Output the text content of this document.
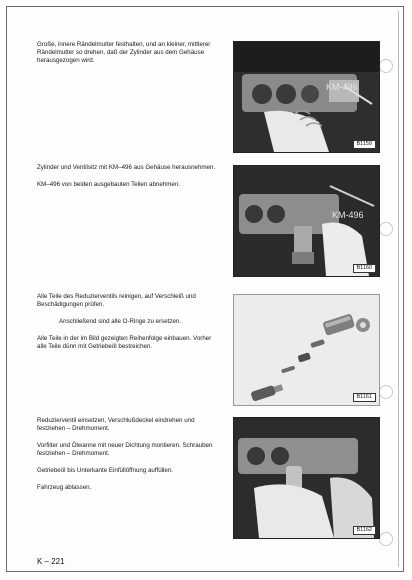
Große, innere Rändelmutter festhalten, und an kleiner, mittlerer Rändelmutter so drehen, daß der Zylinder aus dem Gehäuse herausgezogen wird.

KM-496
B1159

Zylinder und Ventilsitz mit KM–496 aus Gehäuse herausnehmen.

KM–496 von beiden ausgebauten Teilen abnehmen.

KM-496
B1160

Alle Teile des Reduzierventils reinigen, auf Verschleiß und Beschädigungen prüfen.

Anschließend sind alle O-Ringe zu ersetzen.

Alle Teile in der im Bild gezeigten Reihenfolge einbauen. Vorher alle Teile dünn mit Getriebeöl bestreichen.

B1161

Reduzierventil einsetzen, Verschlußdeckel eindrehen und festziehen – Drehmoment.

Vorfilter und Ölwanne mit neuer Dichtung montieren. Schrauben festziehen – Drehmoment.

Getriebeöl bis Unterkante Einfüllöffnung auffüllen.

Fahrzeug ablassen.

B1162
K – 221
